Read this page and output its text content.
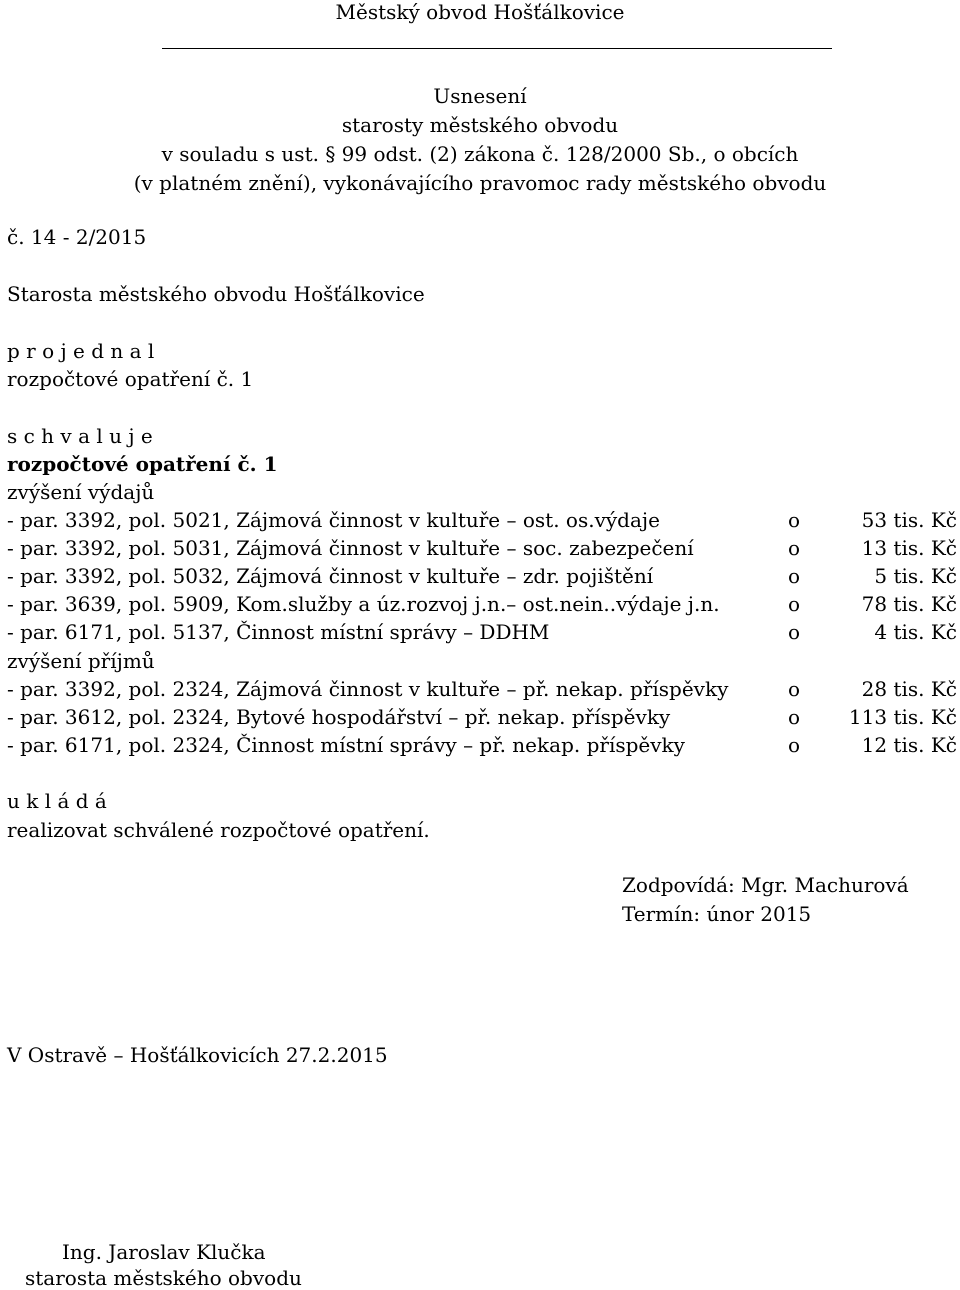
Městský obvod Hošťálkovice
Usnesení
starosty městského obvodu
v souladu s ust. § 99 odst. (2) zákona č. 128/2000 Sb., o obcích
(v platném znění), vykonávajícího pravomoc rady městského obvodu
č. 14 - 2/2015
Starosta městského obvodu Hošťálkovice
p r o j e d n a l
rozpočtové opatření č. 1
s c h v a l u j e
rozpočtové opatření č. 1
zvýšení výdajů
- par. 3392, pol. 5021, Zájmová činnost v kultuře – ost. os.výdaje	o	53 tis. Kč
- par. 3392, pol. 5031, Zájmová činnost v kultuře – soc. zabezpečení	o	13 tis. Kč
- par. 3392, pol. 5032, Zájmová činnost v kultuře – zdr. pojištění	o	5 tis. Kč
- par. 3639, pol. 5909, Kom.služby a úz.rozvoj j.n.– ost.nein..výdaje j.n.	o	78 tis. Kč
- par. 6171, pol. 5137, Činnost místní správy – DDHM	o	4 tis. Kč
zvýšení příjmů
- par. 3392, pol. 2324, Zájmová činnost v kultuře – př. nekap. příspěvky	o	28 tis. Kč
- par. 3612, pol. 2324, Bytové hospodářství – př. nekap. příspěvky	o 113 tis. Kč
- par. 6171, pol. 2324, Činnost místní správy – př. nekap. příspěvky	o	12 tis. Kč
u k l á d á
realizovat schválené rozpočtové opatření.
Zodpovídá: Mgr. Machurová
Termín: únor 2015
V Ostravě – Hošťálkovicích 27.2.2015
Ing. Jaroslav Klučka
starosta městského obvodu
